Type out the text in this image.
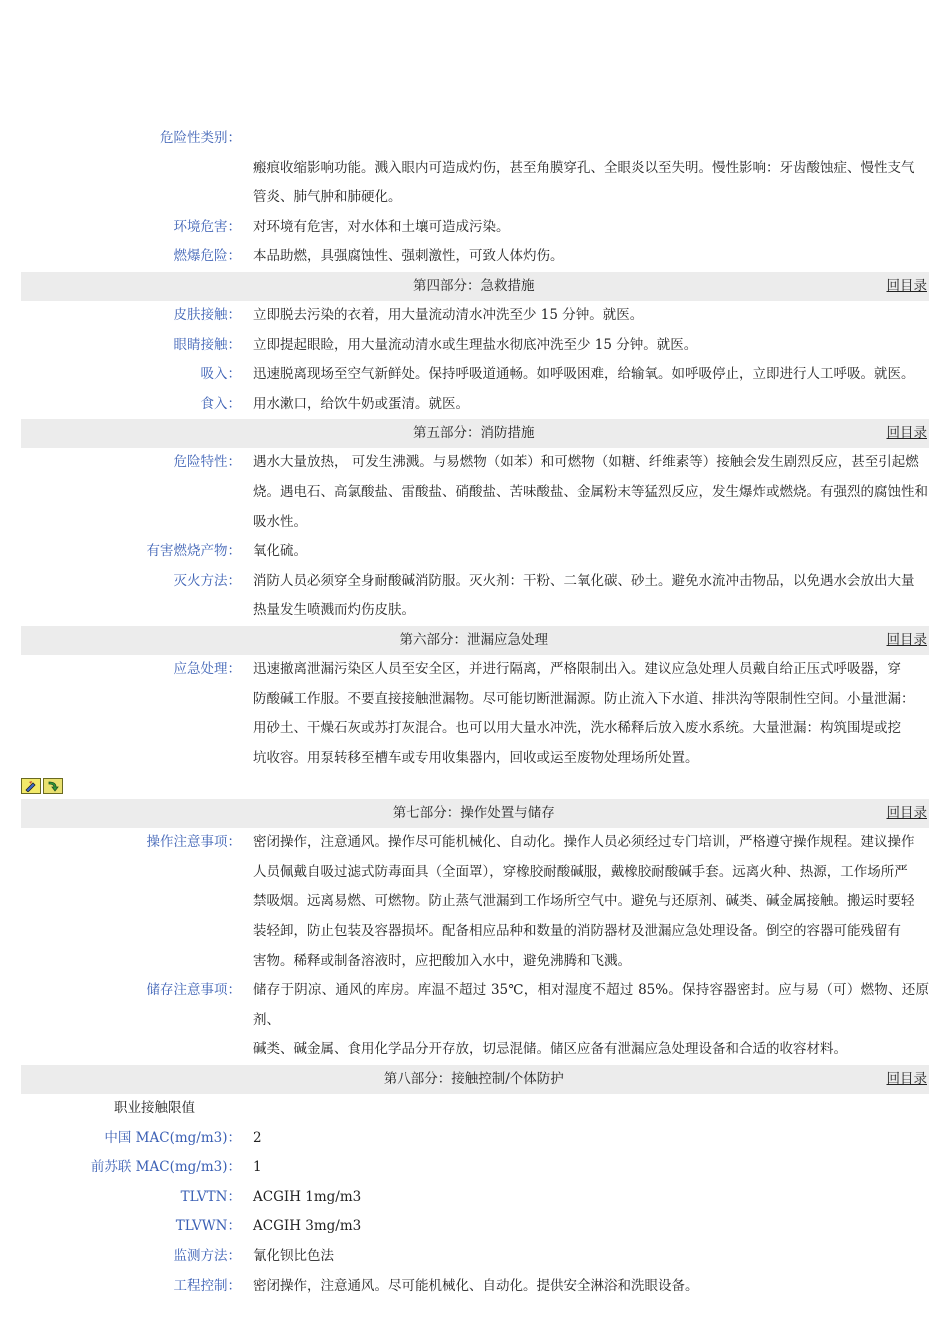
危险性类别：
瘢痕收缩影响功能。溅入眼内可造成灼伤，甚至角膜穿孔、全眼炎以至失明。慢性影响：牙齿酸蚀症、慢性支气
管炎、肺气肿和肺硬化。
环境危害： 对环境有危害，对水体和土壤可造成污染。
燃爆危险： 本品助燃，具强腐蚀性、强刺激性，可致人体灼伤。
第四部分：急救措施	回目录
皮肤接触： 立即脱去污染的衣着，用大量流动清水冲洗至少 15 分钟。就医。
眼睛接触： 立即提起眼睑，用大量流动清水或生理盐水彻底冲洗至少 15 分钟。就医。
吸入： 迅速脱离现场至空气新鲜处。保持呼吸道通畅。如呼吸困难，给输氧。如呼吸停止，立即进行人工呼吸。就医。
食入： 用水漱口，给饮牛奶或蛋清。就医。
第五部分：消防措施	回目录
危险特性： 遇水大量放热， 可发生沸溅。与易燃物（如苯）和可燃物（如糖、纤维素等）接触会发生剧烈反应，甚至引起燃
烧。遇电石、高氯酸盐、雷酸盐、硝酸盐、苦味酸盐、金属粉末等猛烈反应，发生爆炸或燃烧。有强烈的腐蚀性和
吸水性。
有害燃烧产物： 氧化硫。
灭火方法： 消防人员必须穿全身耐酸碱消防服。灭火剂：干粉、二氧化碳、砂土。避免水流冲击物品，以免遇水会放出大量
热量发生喷溅而灼伤皮肤。
第六部分：泄漏应急处理	回目录
应急处理： 迅速撤离泄漏污染区人员至安全区，并进行隔离，严格限制出入。建议应急处理人员戴自给正压式呼吸器，穿
防酸碱工作服。不要直接接触泄漏物。尽可能切断泄漏源。防止流入下水道、排洪沟等限制性空间。小量泄漏：
用砂土、干燥石灰或苏打灰混合。也可以用大量水冲洗，洗水稀释后放入废水系统。大量泄漏：构筑围堤或挖
坑收容。用泵转移至槽车或专用收集器内，回收或运至废物处理场所处置。
第七部分：操作处置与储存	回目录
操作注意事项： 密闭操作，注意通风。操作尽可能机械化、自动化。操作人员必须经过专门培训，严格遵守操作规程。建议操作
人员佩戴自吸过滤式防毒面具（全面罩），穿橡胶耐酸碱服，戴橡胶耐酸碱手套。远离火种、热源，工作场所严
禁吸烟。远离易燃、可燃物。防止蒸气泄漏到工作场所空气中。避免与还原剂、碱类、碱金属接触。搬运时要轻
装轻卸，防止包装及容器损坏。配备相应品种和数量的消防器材及泄漏应急处理设备。倒空的容器可能残留有
害物。稀释或制备溶液时，应把酸加入水中，避免沸腾和飞溅。
储存注意事项： 储存于阴凉、通风的库房。库温不超过 35℃，相对湿度不超过 85%。保持容器密封。应与易（可）燃物、还原剂、
碱类、碱金属、食用化学品分开存放，切忌混储。储区应备有泄漏应急处理设备和合适的收容材料。
第八部分：接触控制/个体防护	回目录
职业接触限值
中国 MAC(mg/m3)： 2
前苏联 MAC(mg/m3)： 1
TLVTN： ACGIH 1mg/m3
TLVWN： ACGIH 3mg/m3
监测方法： 氰化钡比色法
工程控制： 密闭操作，注意通风。尽可能机械化、自动化。提供安全淋浴和洗眼设备。
